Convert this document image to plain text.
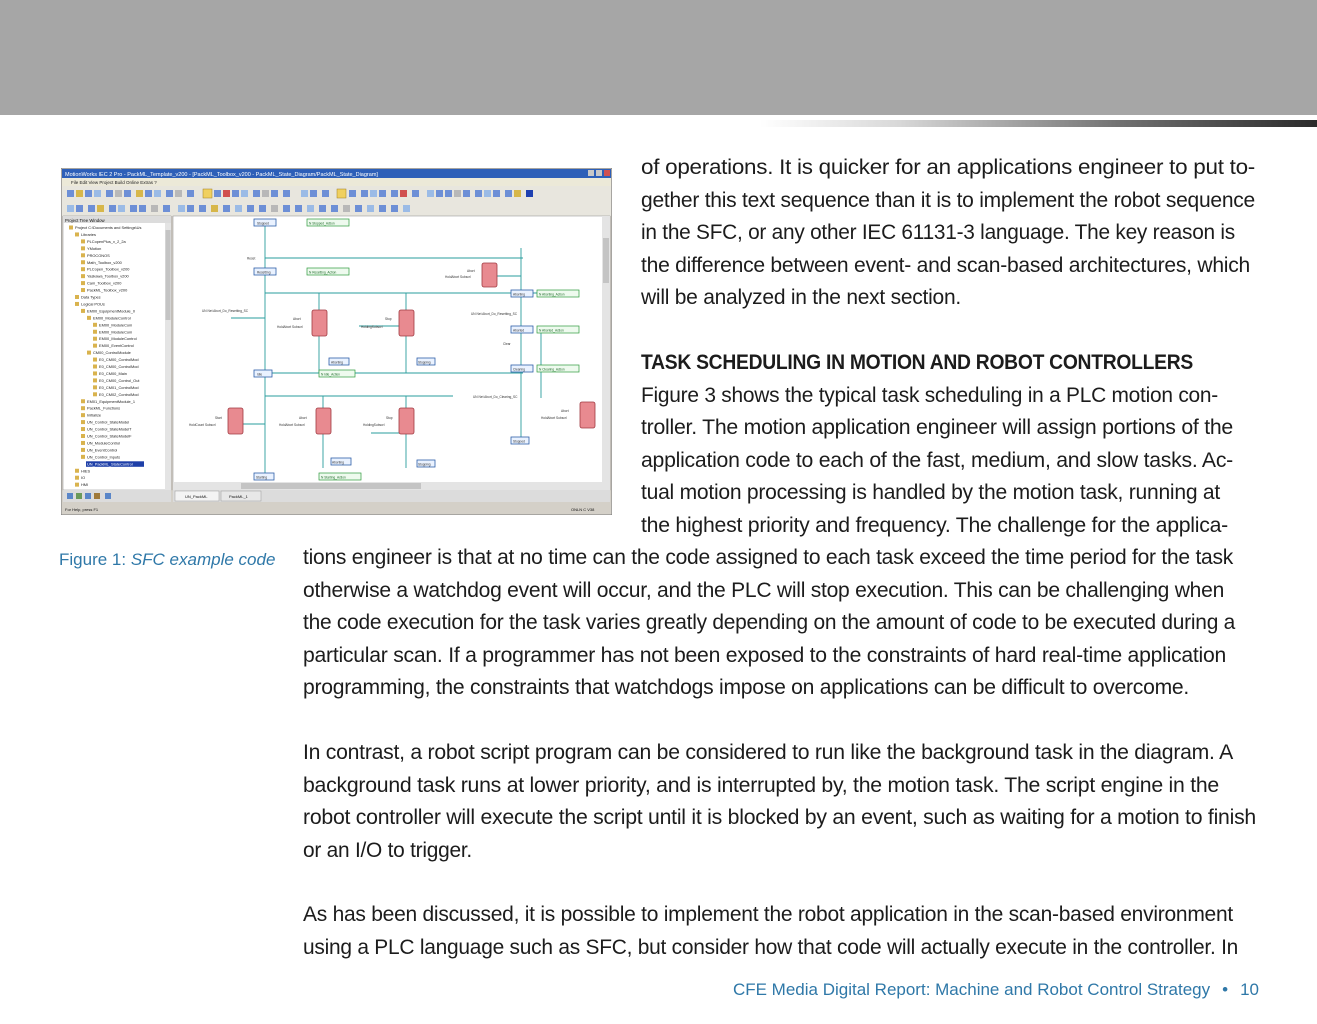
MotionWorks IEC 2 Pro - PackML_Template_v200 - [PackML_Toolbox_v200 - PackML_State_Diagram/PackML_State_Diagram]
File Edit View Project Build Online Extras ?
Project Tree Window
Project C:\Documents and Settings\Us
Libraries
PLCopenPlus_v_2_2a
YMotion
PROCONOS
Math_Toolbox_v200
PLCopen_Toolbox_v200
Yaskawa_Toolbox_v200
Cam_Toolbox_v200
PackML_Toolbox_v200
Data Types
Logical POUs
EM00_EquipmentModule_0
EM00_ModuleControl
EM00_ModuleCom
EM00_ModuleCom
EM00_ModuleControl
EM00_EventControl
CM00_ControlModule
E0_CM00_ControlMod
E0_CM00_ControlMod
E0_CM00_Main
E0_CM00_Control_Out
E0_CM01_ControlMod
E0_CM02_ControlMod
EM01_EquipmentModule_1
PackML_Functions
Initialize
UN_Control_StateModel
UN_Control_StateModelT
UN_Control_StateModelF
UN_ModuleControl
UN_EventControl
UN_Control_Inputs
UN_PackML_StateControl
HIES
IO
HMI
Stopped
Resetting
Idle
Starting
Aborting
Aborted
Clearing
Stopped
Aborting	Stopping
Aborting	Stopping
N Stopped_Action
N Resetting_Action
N Idle_Action
N Starting_Action
N Aborting_Action
N Aborted_Action
N Clearing_Action
Reset
UN Net Abort_Do_Resetting_SC
Abort
HoldAbort Subscrl
Stop
HoldingSubscrl
Abort
HoldAbort Subscrl
UN Net Abort_Do_Resetting_SC
Clear
UN Net Abort_Do_Clearing_SC
Start
HoldCount Subscrl
Abort
HoldAbort Subscrl
Stop
HoldingSubscrl
Abort
HoldAbort Subscrl
UN_PackML	PackML_1
For Help, press F1	ONLN C V38
Figure 1: SFC example code
of operations. It is quicker for an applications engineer to put to-
gether this text sequence than it is to implement the robot sequence
in the SFC, or any other IEC 61131-3 language. The key reason is
the difference between event- and scan-based architectures, which
will be analyzed in the next section.
TASK SCHEDULING IN MOTION AND ROBOT CONTROLLERS
Figure 3 shows the typical task scheduling in a PLC motion con-
troller. The motion application engineer will assign portions of the
application code to each of the fast, medium, and slow tasks. Ac-
tual motion processing is handled by the motion task, running at
the highest priority and frequency. The challenge for the applica-
tions engineer is that at no time can the code assigned to each task exceed the time period for the task
otherwise a watchdog event will occur, and the PLC will stop execution. This can be challenging when
the code execution for the task varies greatly depending on the amount of code to be executed during a
particular scan. If a programmer has not been exposed to the constraints of hard real-time application
programming, the constraints that watchdogs impose on applications can be difficult to overcome.
In contrast, a robot script program can be considered to run like the background task in the diagram. A
background task runs at lower priority, and is interrupted by, the motion task. The script engine in the
robot controller will execute the script until it is blocked by an event, such as waiting for a motion to finish
or an I/O to trigger.
As has been discussed, it is possible to implement the robot application in the scan-based environment
using a PLC language such as SFC, but consider how that code will actually execute in the controller. In
CFE Media Digital Report: Machine and Robot Control Strategy • 10
